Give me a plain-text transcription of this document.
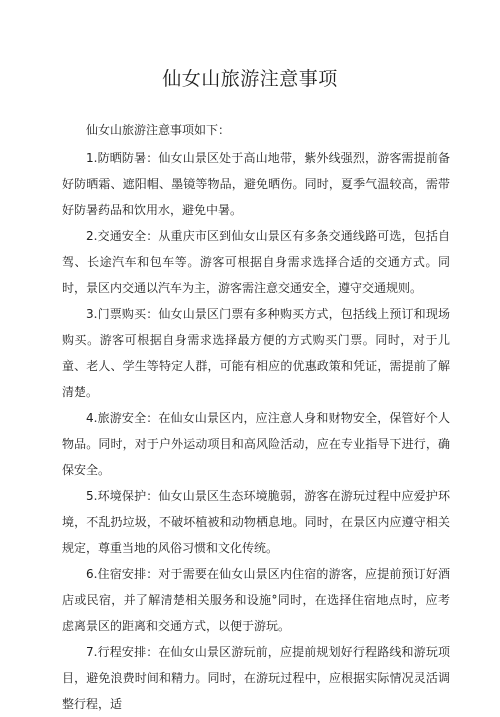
仙女山旅游注意事项

仙女山旅游注意事项如下：

1.防晒防暑：仙女山景区处于高山地带，紫外线强烈，游客需提前备好防晒霜、遮阳帽、墨镜等物品，避免晒伤。同时，夏季气温较高，需带好防暑药品和饮用水，避免中暑。

2.交通安全：从重庆市区到仙女山景区有多条交通线路可选，包括自驾、长途汽车和包车等。游客可根据自身需求选择合适的交通方式。同时，景区内交通以汽车为主，游客需注意交通安全，遵守交通规则。

3.门票购买：仙女山景区门票有多种购买方式，包括线上预订和现场购买。游客可根据自身需求选择最方便的方式购买门票。同时，对于儿童、老人、学生等特定人群，可能有相应的优惠政策和凭证，需提前了解清楚。

4.旅游安全：在仙女山景区内，应注意人身和财物安全，保管好个人物品。同时，对于户外运动项目和高风险活动，应在专业指导下进行，确保安全。

5.环境保护：仙女山景区生态环境脆弱，游客在游玩过程中应爱护环境，不乱扔垃圾，不破坏植被和动物栖息地。同时，在景区内应遵守相关规定，尊重当地的风俗习惯和文化传统。

6.住宿安排：对于需要在仙女山景区内住宿的游客，应提前预订好酒店或民宿，并了解清楚相关服务和设施°同时，在选择住宿地点时，应考虑离景区的距离和交通方式，以便于游玩。

7.行程安排：在仙女山景区游玩前，应提前规划好行程路线和游玩项目，避免浪费时间和精力。同时，在游玩过程中，应根据实际情况灵活调整行程，适
